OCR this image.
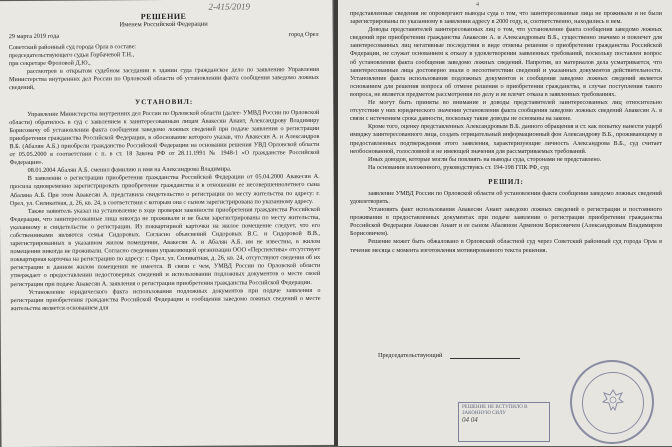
2-415/2019
РЕШЕНИЕ
Именем Российской Федерации
29 марта 2019 года	город Орел

Советский районный суд города Орла в составе:

председательствующего судьи Горбачевой Т.Н.,

при секретаре Фроловой Д.Ю.,

рассмотрев в открытом судебном заседании в здании суда гражданское дело по заявлению Управления Министерства внутренних дел России по Орловской области об установлении факта сообщения заведомо ложных сведений,

УСТАНОВИЛ:

Управление Министерства внутренних дел России по Орловской области (далее- УМВД России по Орловской области) обратилось в суд с заявлением к заинтересованным лицам Авакесян Анаит, Александрову Владимиру Борисовичу об установлении факта сообщения заведомо ложных сведений при подаче заявления о регистрации приобретения гражданства Российской Федерации, в обоснование которого указав, что Авакесян А. и Александров В.Б. (Абалян А.Б.) приобрели гражданство Российской Федерации на основании решения УВД Орловской области от 05.05.2000 в соответствии с п. в ст. 18 Закона РФ от 28.11.1991 № 1948-1 «О гражданстве Российской Федерации».

08.01.2004 Абалян А.Б. сменил фамилию и имя на Александрова Владимира.

В заявлении о регистрации приобретения гражданства Российской Федерации от 05.04.2000 Авакесян А. просила одновременно зарегистрировать приобретение гражданства и в отношении ее несовершеннолетнего сына Абаляна А.Б. При этом Авакесян А. представила свидетельство о регистрации по месту жительства по адресу: г. Орел, ул. Силикатная, д. 26, кв. 24, в соответствии с которым она с сыном зарегистрирована по указанному адресу.

Также заявитель указал на установление в ходе проверки законности приобретения гражданства Российской Федерации, что заинтересованные лица никогда не проживали и не были зарегистрированы по месту жительства, указанному в свидетельстве о регистрации. Из поквартирной карточки на жилое помещение следует, что его собственниками являются семья Сидоровых. Согласно объяснений Сидоровых В.С. и Сидоровой В.В., зарегистрированных в указанном жилом помещении, Авакесян А. и Абалян А.Б. им не известны, в жилом помещении никогда не проживали. Согласно сведениям управляющей организации ООО «Перспектива» отсутствует поквартирная карточка на регистрацию по адресу: г. Орел, ул. Силикатная, д. 26, кв. 24, отсутствуют сведения об их регистрации в данном жилом помещении не имеется. В связи с чем, УМВД России по Орловской области утверждает о предоставлении недостоверных сведений и использовании подложных документов о месте своей регистрации при подаче Авакесян А. заявления о регистрации приобретения гражданства Российской Федерации.

Установление юридического факта использования подложных документов при подаче заявления о регистрации приобретения гражданства Российской Федерации и сообщения заведомо ложных сведений о месте жительства является основанием для

4

представленные сведения не опровергают выводы суда о том, что заинтересованные лица не проживали и не были зарегистрированы по указанному в заявлении адресу в 2000 году, и, соответственно, находились в нем.

Доводы представителей заинтересованных лиц о том, что установление факта сообщения заведомо ложных сведений при приобретении гражданства Авакесян А. и Александровым В.Б., существенно значимо и повлечет для заинтересованных лиц негативные последствия в виде отмены решения о приобретении гражданства Российской Федерации, не служат основанием к отказу в удовлетворении заявленных требований, поскольку поставлен вопрос об установлении факта сообщения заведомо ложных сведений. Напротив, из материалов дела усматривается, что заинтересованные лица достоверно знали о несоответствии сведений и указанных документов действительности. Установление факта использования подложных документов и сообщения заведомо ложных сведений является основанием для решения вопроса об отмене решения о приобретении гражданства, в случае поступления такого вопроса, не является предметом рассмотрения по делу и не влечет отказа в заявленных требованиях.

Не могут быть приняты во внимание и доводы представителей заинтересованных лиц относительно отсутствия у них юридического значения установления факта сообщения заведомо ложных сведений Авакесян А. в связи с истечением срока давности, поскольку такие доводы не основаны на законе.

Кроме того, оценку представленных Александровым В.Б. данного обращения и ст. как попытку нанести ущерб имиджу заинтересованного лица, создать отрицательный информационный фон Александрову В.Б., проживающему в предоставленных подтверждения этого заявления, характеризующие личность Александрова В.Б., суд считает необоснованной, голословной и не имеющей значения для рассматриваемых требований.

Иных доводов, которые могли бы повлиять на выводы суда, сторонами не представлено.

На основании изложенного, руководствуясь ст. 194-198 ГПК РФ, суд

РЕШИЛ:

заявление УМВД России по Орловской области об установлении факта сообщения заведомо ложных сведений удовлетворить.

Установить факт использования Авакесян Анаит заведомо ложных сведений о регистрации и постоянного проживания в предоставленных документах при подаче заявления о регистрации приобретения гражданства Российской Федерации Авакесян Анаит и ее сыном Абаляном Арменом Борисовичем (Александровым Владимиром Борисовичем).

Решение может быть обжаловано в Орловский областной суд через Советский районный суд города Орла в течение месяца с момента изготовления мотивированного текста решения.

Председательствующий
РЕШЕНИЕ НЕ ВСТУПИЛО В ЗАКОННУЮ СИЛУ
04 04
